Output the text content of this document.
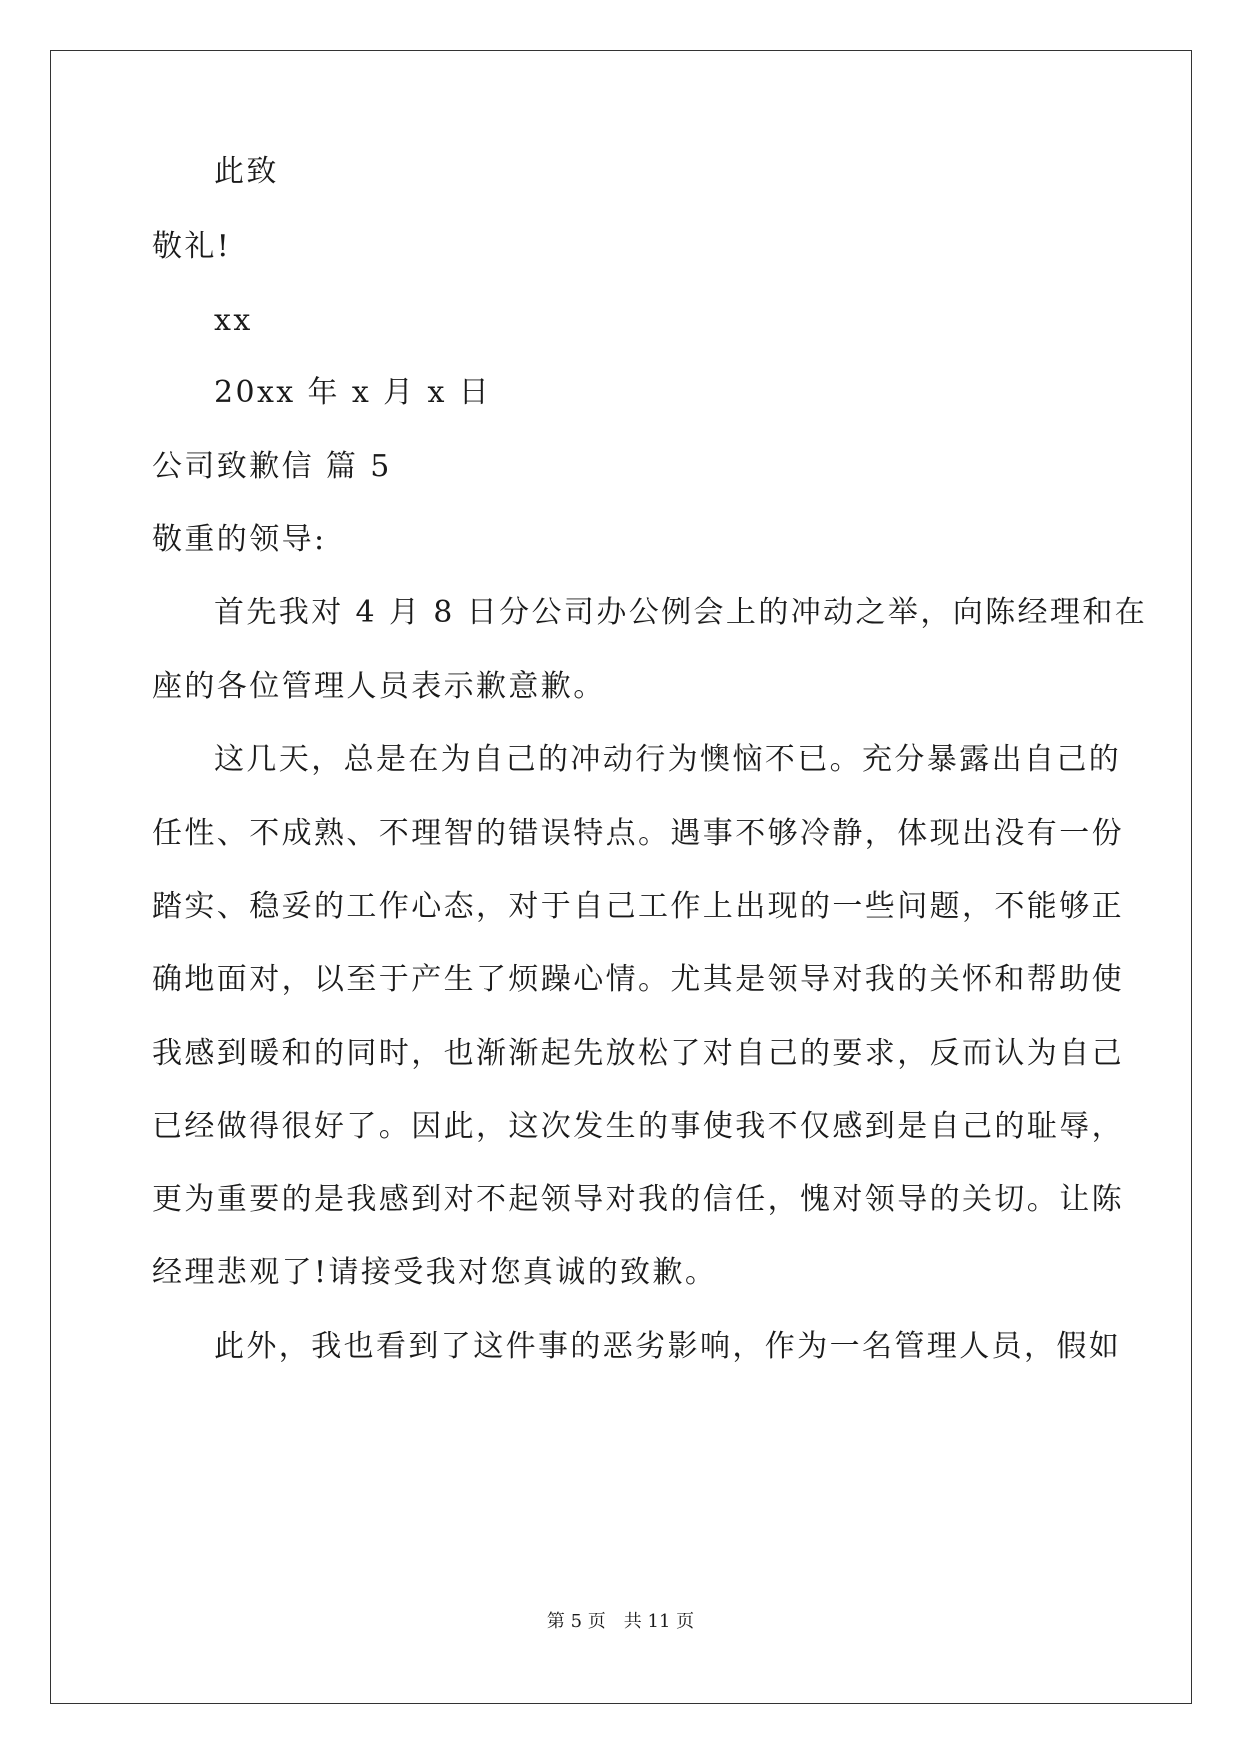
此致
敬礼!
xx
20xx 年 x 月 x 日
公司致歉信 篇 5
敬重的领导:
首先我对 4 月 8 日分公司办公例会上的冲动之举，向陈经理和在
座的各位管理人员表示歉意歉。
这几天，总是在为自己的冲动行为懊恼不已。充分暴露出自己的
任性、不成熟、不理智的错误特点。遇事不够冷静，体现出没有一份
踏实、稳妥的工作心态，对于自己工作上出现的一些问题，不能够正
确地面对，以至于产生了烦躁心情。尤其是领导对我的关怀和帮助使
我感到暖和的同时，也渐渐起先放松了对自己的要求，反而认为自己
已经做得很好了。因此，这次发生的事使我不仅感到是自己的耻辱，
更为重要的是我感到对不起领导对我的信任，愧对领导的关切。让陈
经理悲观了!请接受我对您真诚的致歉。
此外，我也看到了这件事的恶劣影响，作为一名管理人员，假如
第 5 页　共 11 页
